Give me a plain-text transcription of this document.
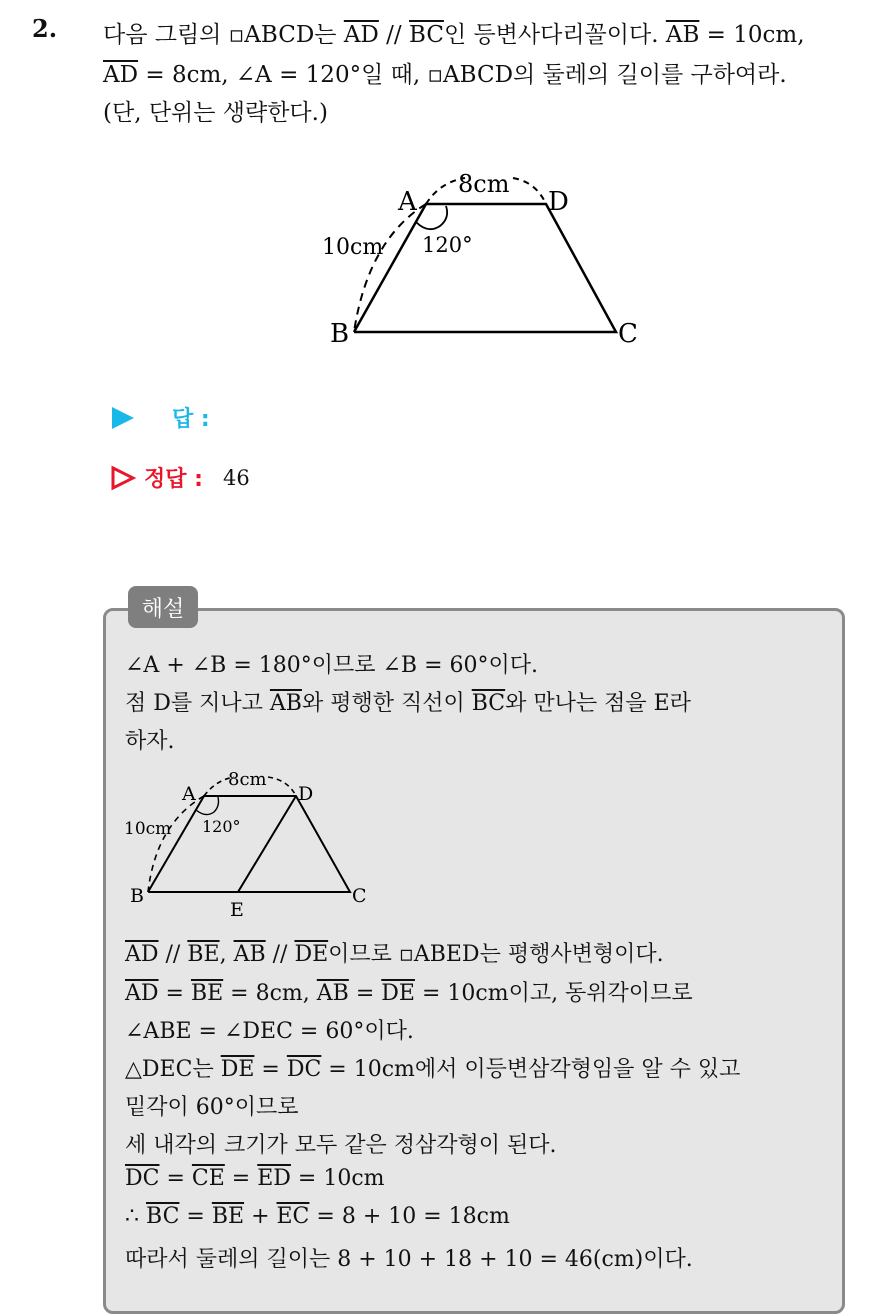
2. 다음 그림의 ▫ABCD는 $\overline{AD} // \overline{BC}$인 등변사다리꼴이다. $\overline{AB} = 10cm$,
$\overline{AD} = 8cm$, ∠A = 120°일 때, ▫ABCD의 둘레의 길이를 구하여라.
(단, 단위는 생략한다.)
A	D
B	C
8cm
10cm 120°
답 :
정답 : 46
해설
∠A + ∠B = 180°이므로 ∠B = 60°이다.
점 D를 지나고 $\overline{AB}$와 평행한 직선이 $\overline{BC}$와 만나는 점을 E라
하자.
A	D
B	C
E
8cm
10cm 120°
$\overline{AD} // \overline{BE}$, $\overline{AB} // \overline{DE}$이므로 ▫ABED는 평행사변형이다.
$\overline{AD} = \overline{BE} = 8cm$, $\overline{AB} = \overline{DE} = 10cm$이고, 동위각이므로
∠ABE = ∠DEC = 60°이다.
△DEC는 $\overline{DE} = \overline{DC} = 10cm$에서 이등변삼각형임을 알 수 있고
밑각이 60°이므로
세 내각의 크기가 모두 같은 정삼각형이 된다.
$\overline{DC} = \overline{CE} = \overline{ED} = 10cm$
∴ $\overline{BC} = \overline{BE} + \overline{EC} = 8 + 10 = 18cm$
따라서 둘레의 길이는 8 + 10 + 18 + 10 = 46(cm)이다.
